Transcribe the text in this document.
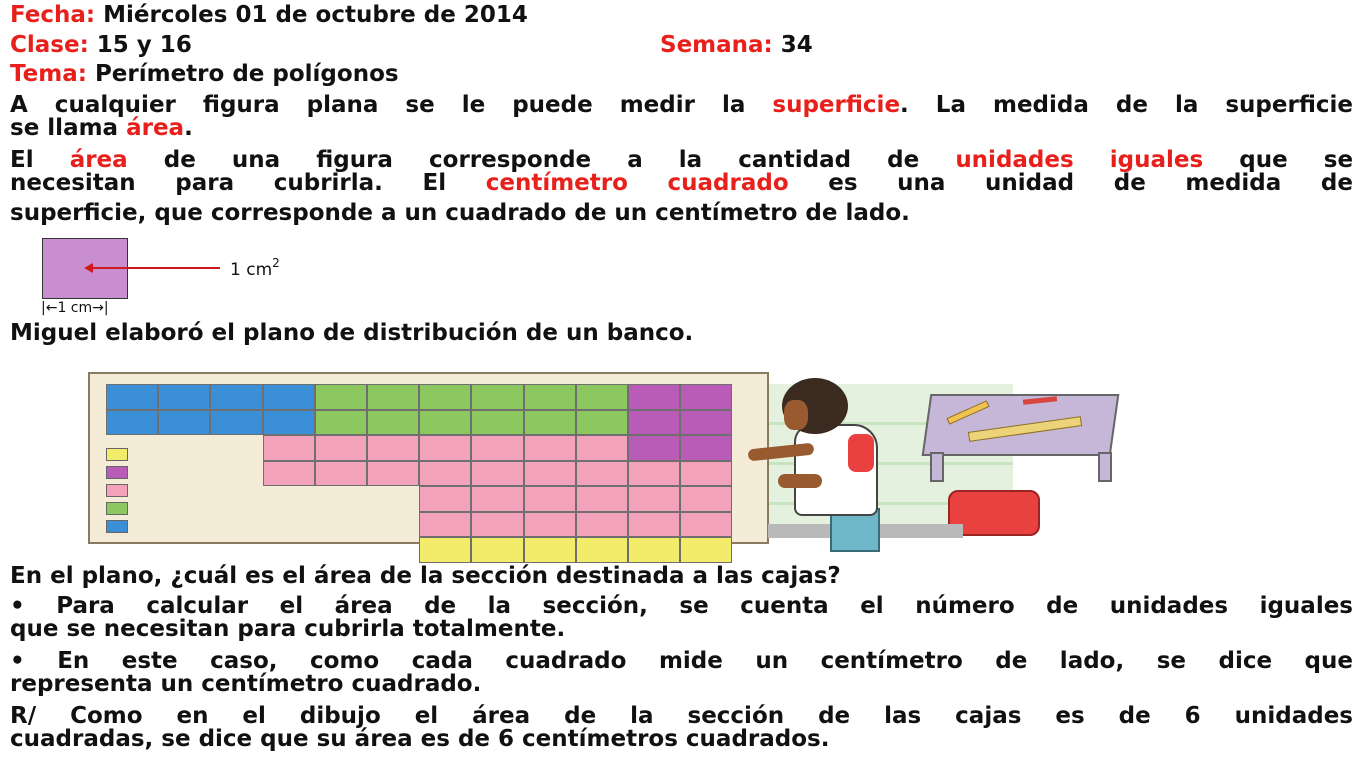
Fecha: Miércoles 01 de octubre de 2014
Clase: 15 y 16	Semana: 34
Tema: Perímetro de polígonos
A cualquier figura plana se le puede medir la superficie. La medida de la superficie
se llama área.
El área de una figura corresponde a la cantidad de unidades iguales que se
necesitan para cubrirla. El centímetro cuadrado es una unidad de medida de
superficie, que corresponde a un cuadrado de un centímetro de lado.
1 $cm^2$
|←1 cm→|
Miguel elaboró el plano de distribución de un banco.
En el plano, ¿cuál es el área de la sección destinada a las cajas?
• Para calcular el área de la sección, se cuenta el número de unidades iguales
que se necesitan para cubrirla totalmente.
• En este caso, como cada cuadrado mide un centímetro de lado, se dice que
representa un centímetro cuadrado.
R/ Como en el dibujo el área de la sección de las cajas es de 6 unidades
cuadradas, se dice que su área es de 6 centímetros cuadrados.
